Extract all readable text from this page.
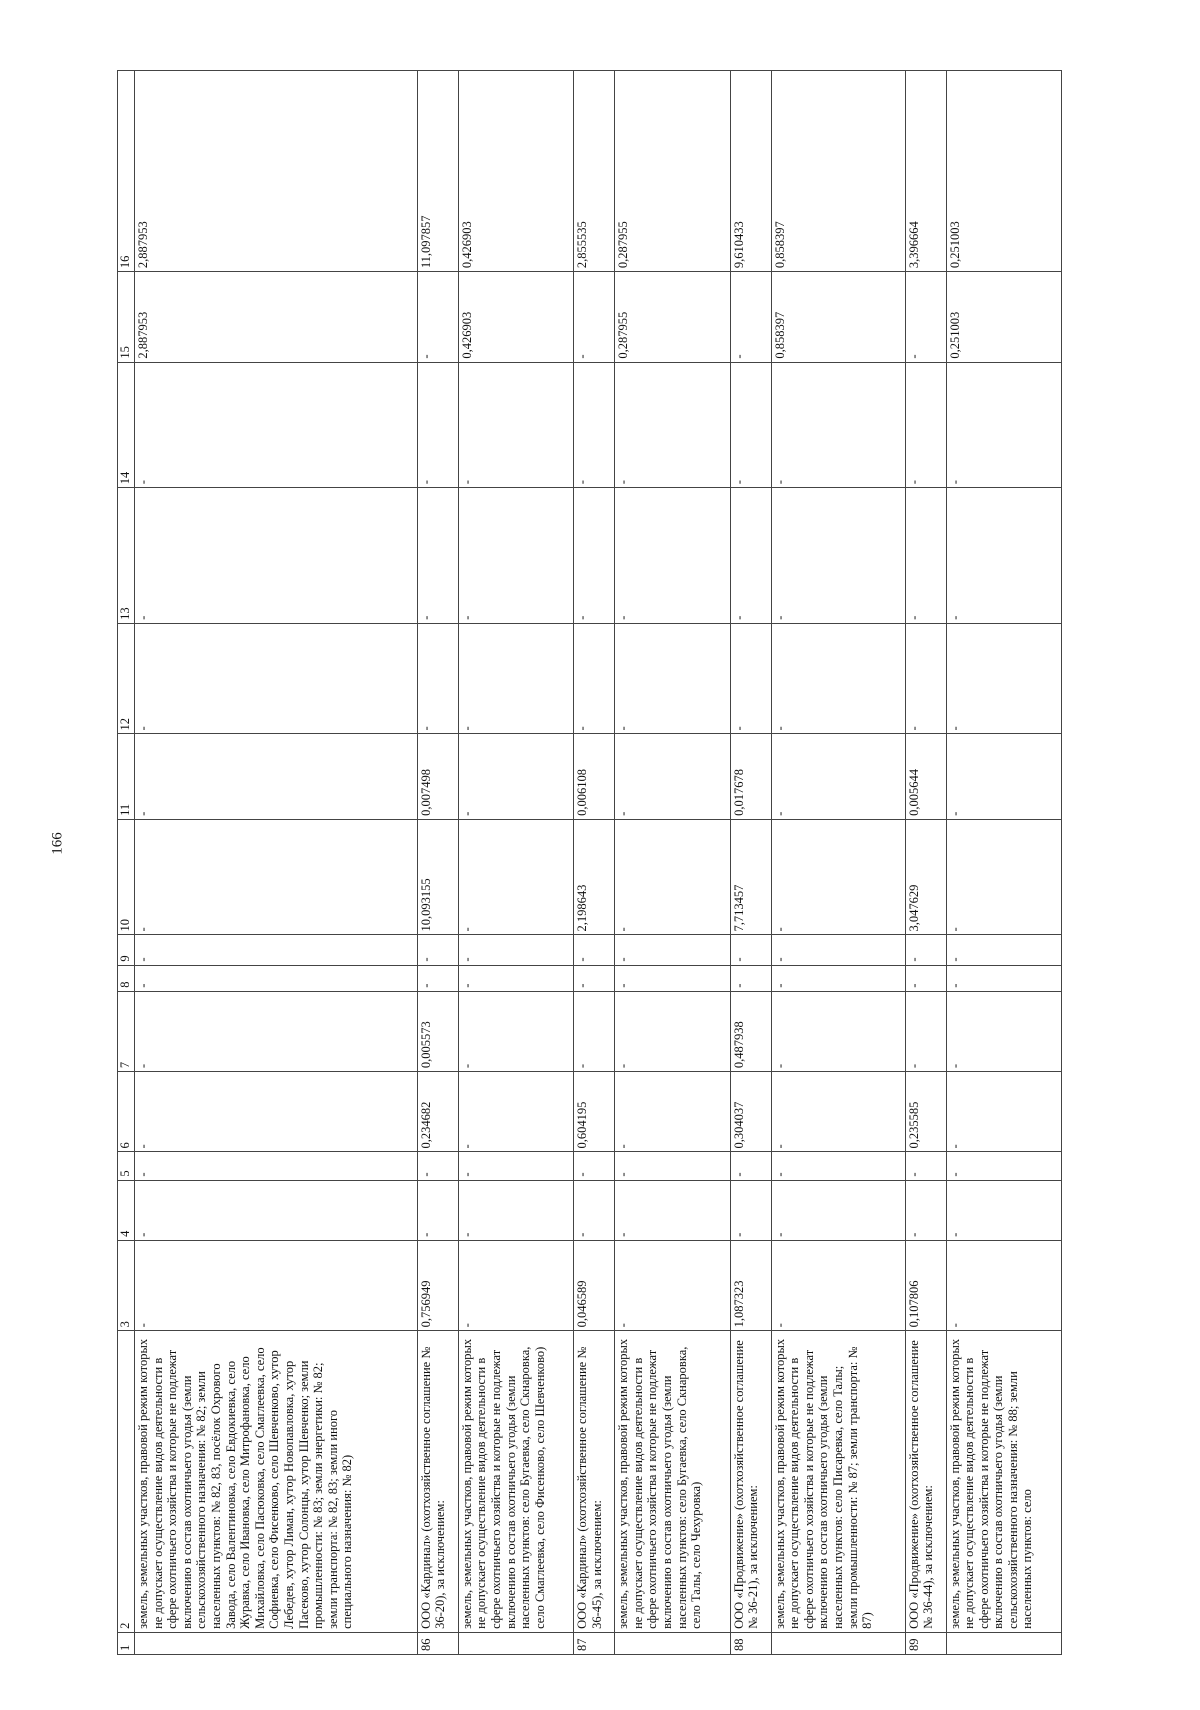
166
1	2	3	4	5	6	7	8	9	10	11	12	13	14	15	16
	земель, земельных участков, правовой режим которых не допускает осуществление видов деятельности в сфере охотничьего хозяйства и которые не подлежат включению в состав охотничьего угодья (земли сельскохозяйственного назначения: № 82; земли населенных пунктов: № 82, 83, посёлок Охрового Завода, село Валентиновка, село Евдокиевка, село Журавка, село Ивановка, село Митрофановка, село Михайловка, село Пасюковка, село Смаглеевка, село Софиевка, село Фисенково, село Шевченково, хутор Лебедев, хутор Лиман, хутор Новопавловка, хутор Пасеково, хутор Солонцы, хутор Шевченко; земли промышленности: № 83; земли энергетики: № 82; земли транспорта: № 82, 83; земли иного специального назначения: № 82)	-	-	-	-	-	-	-	-	-	-	-	-	2,887953	2,887953
86	ООО «Кардинал» (охотхозяйственное соглашение № 36-20), за исключением:	0,756949	-	-	0,234682	0,005573	-	-	10,093155	0,007498	-	-	-	-	11,097857
	земель, земельных участков, правовой режим которых не допускает осуществление видов деятельности в сфере охотничьего хозяйства и которые не подлежат включению в состав охотничьего угодья (земли населенных пунктов: село Бугаевка, село Скнаровка, село Смаглеевка, село Фисенково, село Шевченково)	-	-	-	-	-	-	-	-	-	-	-	-	0,426903	0,426903
87	ООО «Кардинал» (охотхозяйственное соглашение № 36-45), за исключением:	0,046589	-	-	0,604195	-	-	-	2,198643	0,006108	-	-	-	-	2,855535
	земель, земельных участков, правовой режим которых не допускает осуществление видов деятельности в сфере охотничьего хозяйства и которые не подлежат включению в состав охотничьего угодья (земли населенных пунктов: село Бугаевка, село Скнаровка, село Талы, село Чехуровка)	-	-	-	-	-	-	-	-	-	-	-	-	0,287955	0,287955
88	ООО «Продвижение» (охотхозяйственное соглашение № 36-21), за исключением:	1,087323	-	-	0,304037	0,487938	-	-	7,713457	0,017678	-	-	-	-	9,610433
	земель, земельных участков, правовой режим которых не допускает осуществление видов деятельности в сфере охотничьего хозяйства и которые не подлежат включению в состав охотничьего угодья (земли населенных пунктов: село Писаревка, село Талы; земли промышленности: № 87; земли транспорта: № 87)	-	-	-	-	-	-	-	-	-	-	-	-	0,858397	0,858397
89	ООО «Продвижение» (охотхозяйственное соглашение № 36-44), за исключением:	0,107806	-	-	0,235585	-	-	-	3,047629	0,005644	-	-	-	-	3,396664
	земель, земельных участков, правовой режим которых не допускает осуществление видов деятельности в сфере охотничьего хозяйства и которые не подлежат включению в состав охотничьего угодья (земли сельскохозяйственного назначения: № 88; земли населенных пунктов: село	-	-	-	-	-	-	-	-	-	-	-	-	0,251003	0,251003
